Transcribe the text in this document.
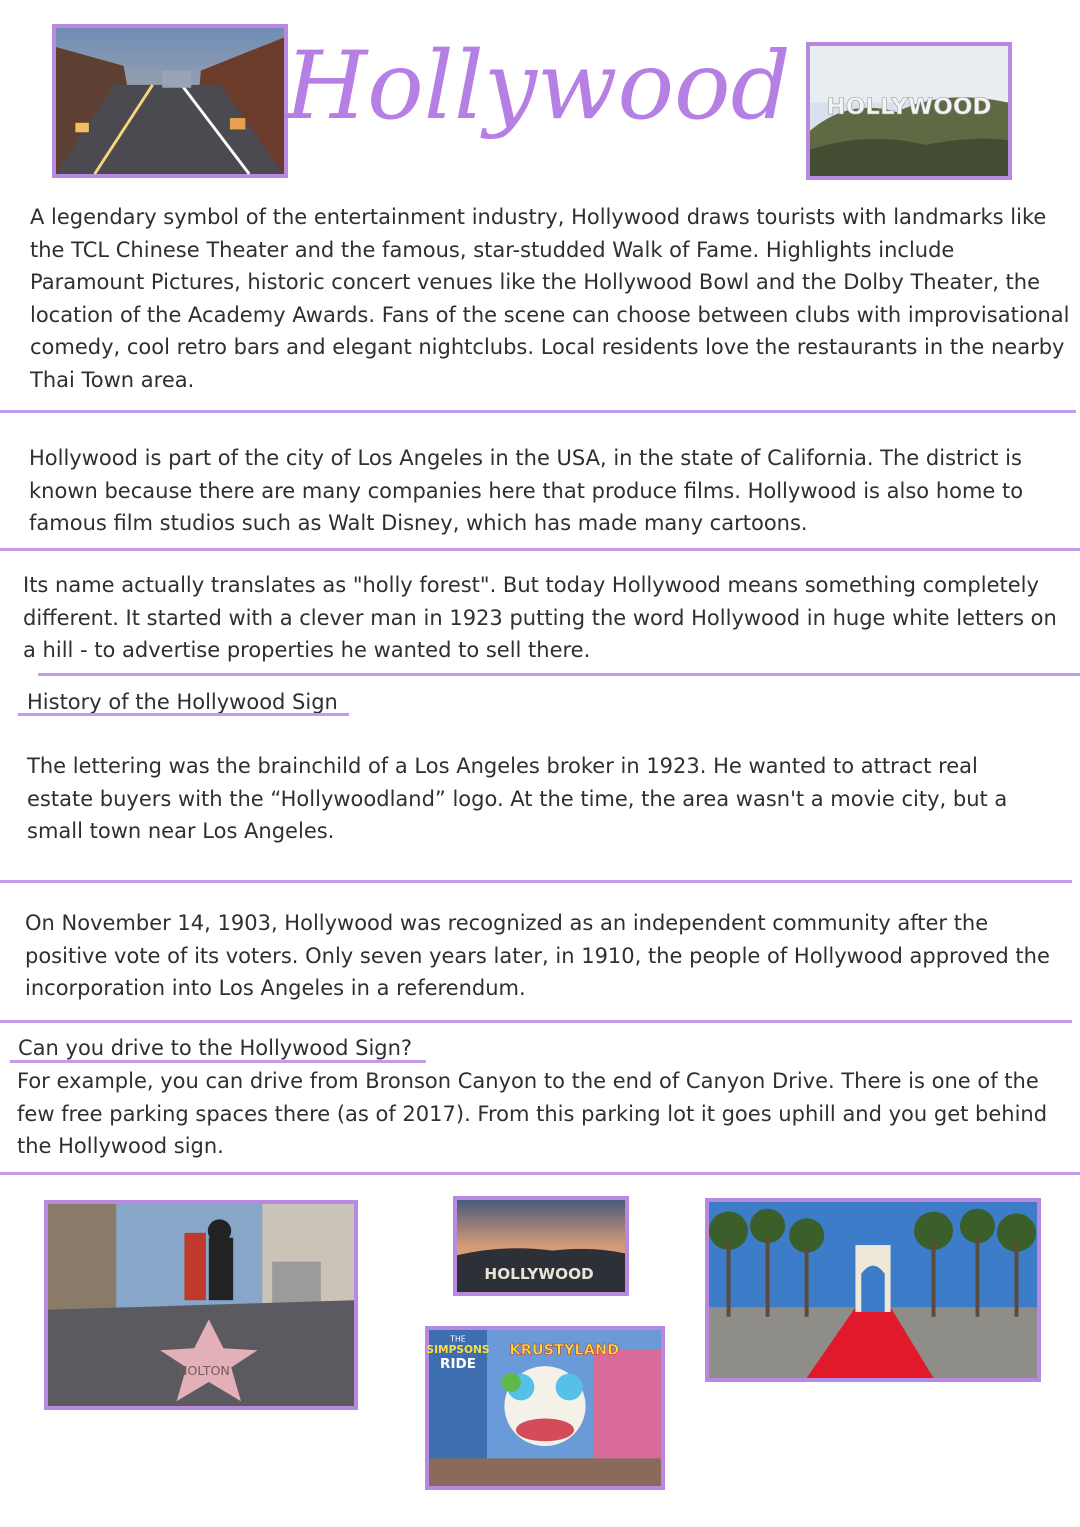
Hollywood HOLLYWOOD

A legendary symbol of the entertainment industry, Hollywood draws tourists with landmarks like the TCL Chinese Theater and the famous, star-studded Walk of Fame. Highlights include Paramount Pictures, historic concert venues like the Hollywood Bowl and the Dolby Theater, the location of the Academy Awards. Fans of the scene can choose between clubs with improvisational comedy, cool retro bars and elegant nightclubs. Local residents love the restaurants in the nearby Thai Town area.

Hollywood is part of the city of Los Angeles in the USA, in the state of California. The district is known because there are many companies here that produce films. Hollywood is also home to famous film studios such as Walt Disney, which has made many cartoons.

Its name actually translates as "holly forest". But today Hollywood means something completely different. It started with a clever man in 1923 putting the word Hollywood in huge white letters on a hill - to advertise properties he wanted to sell there.

History of the Hollywood Sign

The lettering was the brainchild of a Los Angeles broker in 1923. He wanted to attract real estate buyers with the “Hollywoodland” logo. At the time, the area wasn't a movie city, but a small town near Los Angeles.

On November 14, 1903, Hollywood was recognized as an independent community after the positive vote of its voters. Only seven years later, in 1910, the people of Hollywood approved the incorporation into Los Angeles in a referendum.

Can you drive to the Hollywood Sign?

For example, you can drive from Bronson Canyon to the end of Canyon Drive. There is one of the few free parking spaces there (as of 2017). From this parking lot it goes uphill and you get behind the Hollywood sign.

NOLTON
HOLLYWOOD
KRUSTYLAND
THE
SIMPSONS
RIDE
